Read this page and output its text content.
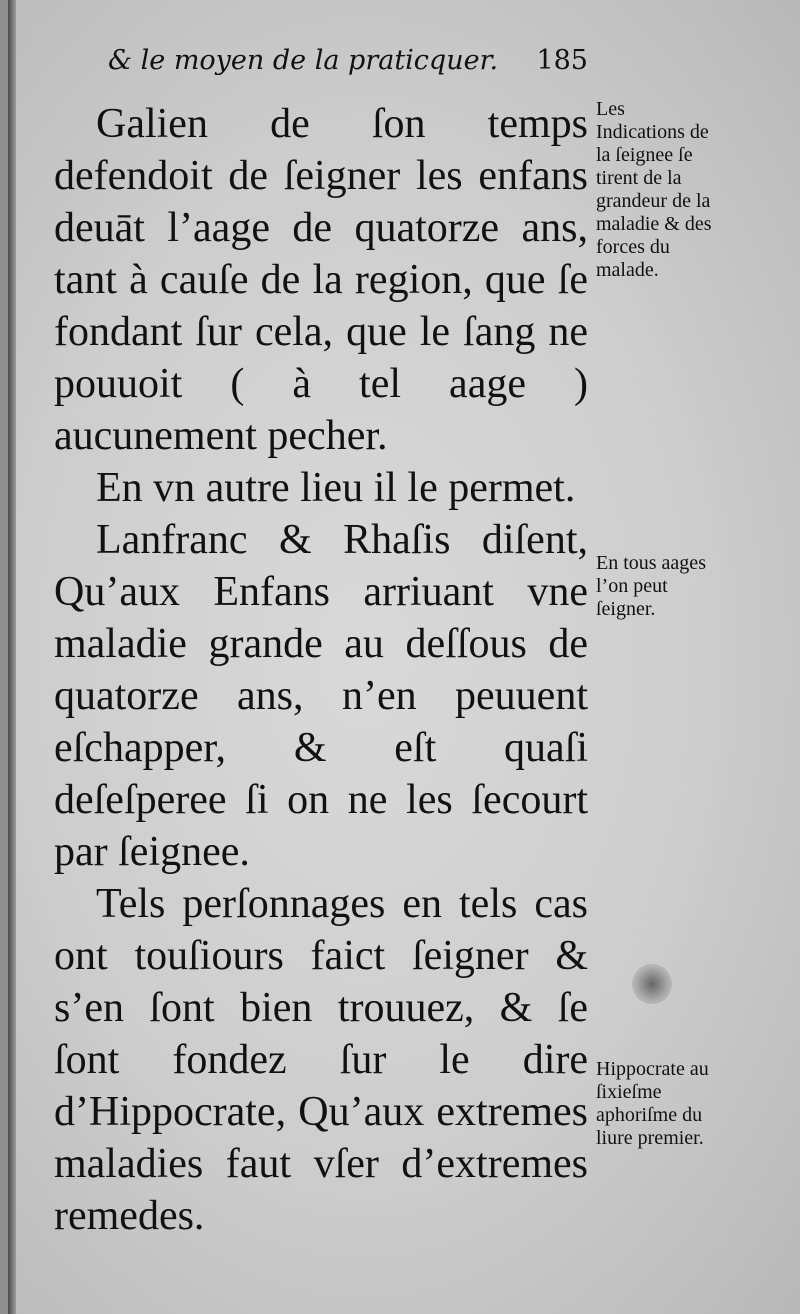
& le moyen de la praticquer. 185

Galien de ſon temps defendoit de ſeigner les enfans deuāt l’aage de quatorze ans, tant à cauſe de la region, que ſe fondant ſur cela, que le ſang ne pouuoit ( à tel aage ) aucunement pecher.

En vn autre lieu il le permet.

Lanfranc & Rhaſis diſent, Qu’aux Enfans arriuant vne maladie grande au deſſous de quatorze ans, n’en peuuent eſchapper, & eſt quaſi deſeſperee ſi on ne les ſecourt par ſeignee.

Tels perſonnages en tels cas ont touſiours faict ſeigner & s’en ſont bien trouuez, & ſe ſont fondez ſur le dire d’Hippocrate, Qu’aux extremes maladies faut vſer d’extremes remedes.

Les Indications de la ſeignee ſe tirent de la grandeur de la maladie & des forces du malade.
En tous aages l’on peut ſeigner.
Hippocrate au ſixieſme aphoriſme du liure premier.
